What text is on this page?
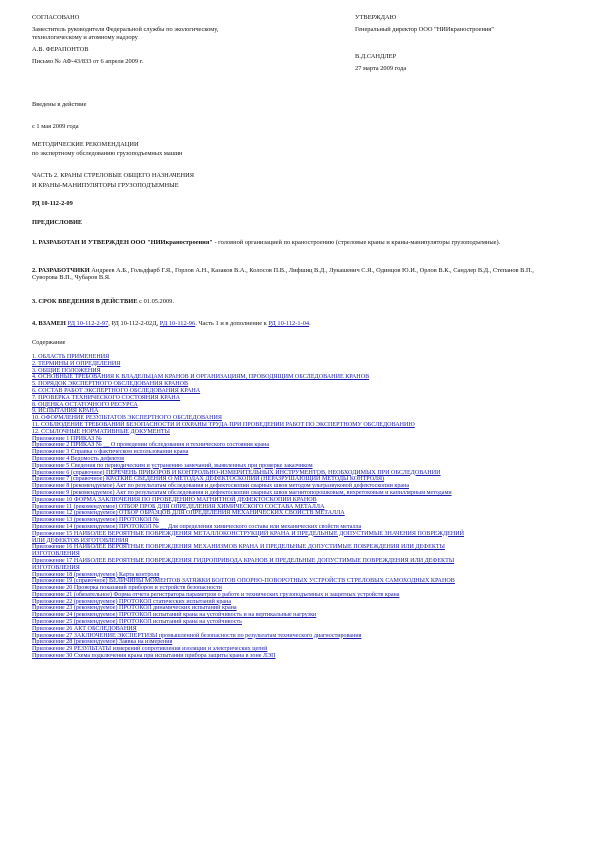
СОГЛАСОВАНО
Заместитель руководителя Федеральной службы по экологическому, технологическому и атомному надзору
А.В. ФЕРАПОНТОВ
Письмо № АФ-43/833 от 6 апреля 2009 г.
УТВЕРЖДАЮ
Генеральный директор ООО "НИИкраностроения"
В.Д.САНДЛЕР
27 марта 2009 года
Введены в действие
с 1 мая 2009 года
МЕТОДИЧЕСКИЕ РЕКОМЕНДАЦИИ
по экспертному обследованию грузоподъемных машин
ЧАСТЬ 2. КРАНЫ СТРЕЛОВЫЕ ОБЩЕГО НАЗНАЧЕНИЯ
И КРАНЫ-МАНИПУЛЯТОРЫ ГРУЗОПОДЪЕМНЫЕ
РД 10-112-2-09
ПРЕДИСЛОВИЕ
1. РАЗРАБОТАН И УТВЕРЖДЕН ООО "НИИкраностроения" - головной организацией по краностроению (стреловые краны и краны-манипуляторы грузоподъемные).
2. РАЗРАБОТЧИКИ Андреев А.Б., Гольдфарб Г.Я., Горлов А.Н., Казаков В.А., Колосов П.В., Лифшиц В.Д., Лукашевич С.Я., Одинцов Ю.И., Орлов В.К., Сандлер В.Д., Степанов В.П., Суворова В.П., Чубаров В.Я.
3. СРОК ВВЕДЕНИЯ В ДЕЙСТВИЕ с 01.05.2009.
4. ВЗАМЕН РД 10-112-2-97, РД 10-112-2-02Д, РД 10-112-96. Часть 1 и в дополнение к РД 10-112-1-04.
Содержание
1. ОБЛАСТЬ ПРИМЕНЕНИЯ
2. ТЕРМИНЫ И ОПРЕДЕЛЕНИЯ
3. ОБЩИЕ ПОЛОЖЕНИЯ
4. ОСНОВНЫЕ ТРЕБОВАНИЯ К ВЛАДЕЛЬЦАМ КРАНОВ И ОРГАНИЗАЦИЯМ, ПРОВОДЯЩИМ ОБСЛЕДОВАНИЕ КРАНОВ
5. ПОРЯДОК ЭКСПЕРТНОГО ОБСЛЕДОВАНИЯ КРАНОВ
6. СОСТАВ РАБОТ ЭКСПЕРТНОГО ОБСЛЕДОВАНИЯ КРАНА
7. ПРОВЕРКА ТЕХНИЧЕСКОГО СОСТОЯНИЯ КРАНА
8. ОЦЕНКА ОСТАТОЧНОГО РЕСУРСА
9. ИСПЫТАНИЯ КРАНА
10. ОФОРМЛЕНИЕ РЕЗУЛЬТАТОВ ЭКСПЕРТНОГО ОБСЛЕДОВАНИЯ
11. СОБЛЮДЕНИЕ ТРЕБОВАНИЙ БЕЗОПАСНОСТИ И ОХРАНЫ ТРУДА ПРИ ПРОВЕДЕНИИ РАБОТ ПО ЭКСПЕРТНОМУ ОБСЛЕДОВАНИЮ
12. ССЫЛОЧНЫЕ НОРМАТИВНЫЕ ДОКУМЕНТЫ
Приложение 1 ПРИКАЗ №
Приложение 2 ПРИКАЗ № __ О проведении обследования и технического состояния крана
Приложение 3 Справка о фактическом использовании крана
Приложение 4 Ведомость дефектов
Приложение 5 Сведения по периодическим и устранению замечаний, выявленных при проверке заказчиком
Приложение 6 (справочное) ПЕРЕЧЕНЬ ПРИБОРОВ И КОНТРОЛЬНО-ИЗМЕРИТЕЛЬНЫХ ИНСТРУМЕНТОВ, НЕОБХОДИМЫХ ПРИ ОБСЛЕДОВАНИИ
Приложение 7 (справочное) КРАТКИЕ СВЕДЕНИЯ О МЕТОДАХ ДЕФЕКТОСКОПИИ (НЕРАЗРУШАЮЩИЙ МЕТОДЫ КОНТРОЛЯ)
Приложение 8 (рекомендуемое) Акт по результатам обследования и дефектоскопии сварных швов методом ультразвуковой дефектоскопии крана
Приложение 9 (рекомендуемое) Акт по результатам обследования и дефектоскопии сварных швов магнитопорошковым, вихретоковым и капиллярным методами
Приложение 10 ФОРМА ЗАКЛЮЧЕНИЯ ПО ПРОВЕДЕНИЮ МАГНИТНОЙ ДЕФЕКТОСКОПИИ КРАНОВ
Приложение 11 (рекомендуемое) ОТБОР ПРОБ ДЛЯ ОПРЕДЕЛЕНИЯ ХИМИЧЕСКОГО СОСТАВА МЕТАЛЛА
Приложение 12 (рекомендуемое) ОТБОР ОБРАЗЦОВ ДЛЯ ОПРЕДЕЛЕНИЯ МЕХАНИЧЕСКИХ СВОЙСТВ МЕТАЛЛА
Приложение 13 (рекомендуемое) ПРОТОКОЛ №
Приложение 14 (рекомендуемое) ПРОТОКОЛ № __ Для определения химического состава или механических свойств металла
Приложение 15 НАИБОЛЕЕ ВЕРОЯТНЫЕ ПОВРЕЖДЕНИЯ МЕТАЛЛОКОНСТРУКЦИЙ КРАНА И ПРЕДЕЛЬНЫЕ ДОПУСТИМЫЕ ЗНАЧЕНИЯ ПОВРЕЖДЕНИЙ ИЛИ ДЕФЕКТОВ ИЗГОТОВЛЕНИЯ
Приложение 16 НАИБОЛЕЕ ВЕРОЯТНЫЕ ПОВРЕЖДЕНИЯ МЕХАНИЗМОВ КРАНА И ПРЕДЕЛЬНЫЕ ДОПУСТИМЫЕ ПОВРЕЖДЕНИЯ ИЛИ ДЕФЕКТЫ ИЗГОТОВЛЕНИЯ
Приложение 17 НАИБОЛЕЕ ВЕРОЯТНЫЕ ПОВРЕЖДЕНИЯ ГИДРОПРИВОДА КРАНОВ И ПРЕДЕЛЬНЫЕ ДОПУСТИМЫЕ ПОВРЕЖДЕНИЯ ИЛИ ДЕФЕКТЫ ИЗГОТОВЛЕНИЯ
Приложение 18 (рекомендуемое) Карта контроля
Приложение 19 (справочное) ВЕЛИЧИНЫ МОМЕНТОВ ЗАТЯЖКИ БОЛТОВ ОПОРНО-ПОВОРОТНЫХ УСТРОЙСТВ СТРЕЛОВЫХ САМОХОДНЫХ КРАНОВ
Приложение 20 Проверка показаний приборов и устройств безопасности
Приложение 21 (обязательное) Форма отчета регистратора параметров о работе и технических грузоподъемных и защитных устройств крана
Приложение 22 (рекомендуемое) ПРОТОКОЛ статических испытаний крана
Приложение 23 (рекомендуемое) ПРОТОКОЛ динамических испытаний крана
Приложение 24 (рекомендуемое) ПРОТОКОЛ испытаний крана на устойчивость и на вертикальные нагрузки
Приложение 25 (рекомендуемое) ПРОТОКОЛ испытаний крана на устойчивость
Приложение 26 АКТ ОБСЛЕДОВАНИЯ
Приложение 27 ЗАКЛЮЧЕНИЕ ЭКСПЕРТИЗЫ промышленной безопасности по результатам технического диагностирования
Приложение 28 (рекомендуемое) Заявка на измерения
Приложение 29 РЕЗУЛЬТАТЫ измерений сопротивления изоляции и электрических цепей
Приложение 30 Схема подключения крана при испытании прибора защиты крана в зоне ЛЭП
